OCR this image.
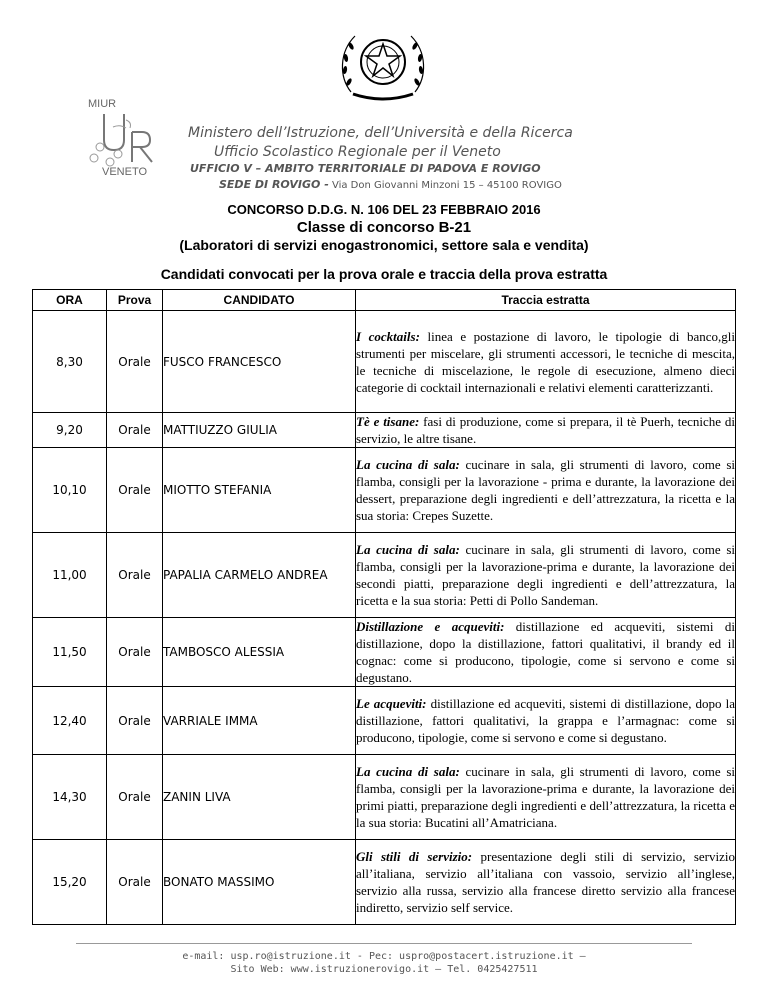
MIUR
VENETO
Ministero dell’Istruzione, dell’Università e della Ricerca
Ufficio Scolastico Regionale per il Veneto
UFFICIO V – AMBITO TERRITORIALE DI PADOVA E ROVIGO
SEDE DI ROVIGO - Via Don Giovanni Minzoni 15 – 45100 ROVIGO
CONCORSO D.D.G. N. 106 DEL 23 FEBBRAIO 2016
Classe di concorso B-21
(Laboratori di servizi enogastronomici, settore sala e vendita)
Candidati convocati per la prova orale e traccia della prova estratta
ORA	Prova	CANDIDATO	Traccia estratta
8,30	Orale	FUSCO FRANCESCO	I cocktails: linea e postazione di lavoro, le tipologie di banco,gli strumenti per miscelare, gli strumenti accessori, le tecniche di mescita, le tecniche di miscelazione, le regole di esecuzione, almeno dieci categorie di cocktail internazionali e relativi elementi caratterizzanti.
9,20	Orale	MATTIUZZO GIULIA	Tè e tisane: fasi di produzione, come si prepara, il tè Puerh, tecniche di servizio, le altre tisane.
10,10	Orale	MIOTTO STEFANIA	La cucina di sala: cucinare in sala, gli strumenti di lavoro, come si flamba, consigli per la lavorazione - prima e durante, la lavorazione dei dessert, preparazione degli ingredienti e dell’attrezzatura, la ricetta e la sua storia: Crepes Suzette.
11,00	Orale	PAPALIA CARMELO ANDREA	La cucina di sala: cucinare in sala, gli strumenti di lavoro, come si flamba, consigli per la lavorazione-prima e durante, la lavorazione dei secondi piatti, preparazione degli ingredienti e dell’attrezzatura, la ricetta e la sua storia: Petti di Pollo Sandeman.
11,50	Orale	TAMBOSCO ALESSIA	Distillazione e acqueviti: distillazione ed acqueviti, sistemi di distillazione, dopo la distillazione, fattori qualitativi, il brandy ed il cognac: come si producono, tipologie, come si servono e come si degustano.
12,40	Orale	VARRIALE IMMA	Le acqueviti: distillazione ed acqueviti, sistemi di distillazione, dopo la distillazione, fattori qualitativi, la grappa e l’armagnac: come si producono, tipologie, come si servono e come si degustano.
14,30	Orale	ZANIN LIVA	La cucina di sala: cucinare in sala, gli strumenti di lavoro, come si flamba, consigli per la lavorazione-prima e durante, la lavorazione dei primi piatti, preparazione degli ingredienti e dell’attrezzatura, la ricetta e la sua storia: Bucatini all’Amatriciana.
15,20	Orale	BONATO MASSIMO	Gli stili di servizio: presentazione degli stili di servizio, servizio all’italiana, servizio all’italiana con vassoio, servizio all’inglese, servizio alla russa, servizio alla francese diretto servizio alla francese indiretto, servizio self service.
e-mail: usp.ro@istruzione.it - Pec: uspro@postacert.istruzione.it –
Sito Web: www.istruzionerovigo.it – Tel. 0425427511
